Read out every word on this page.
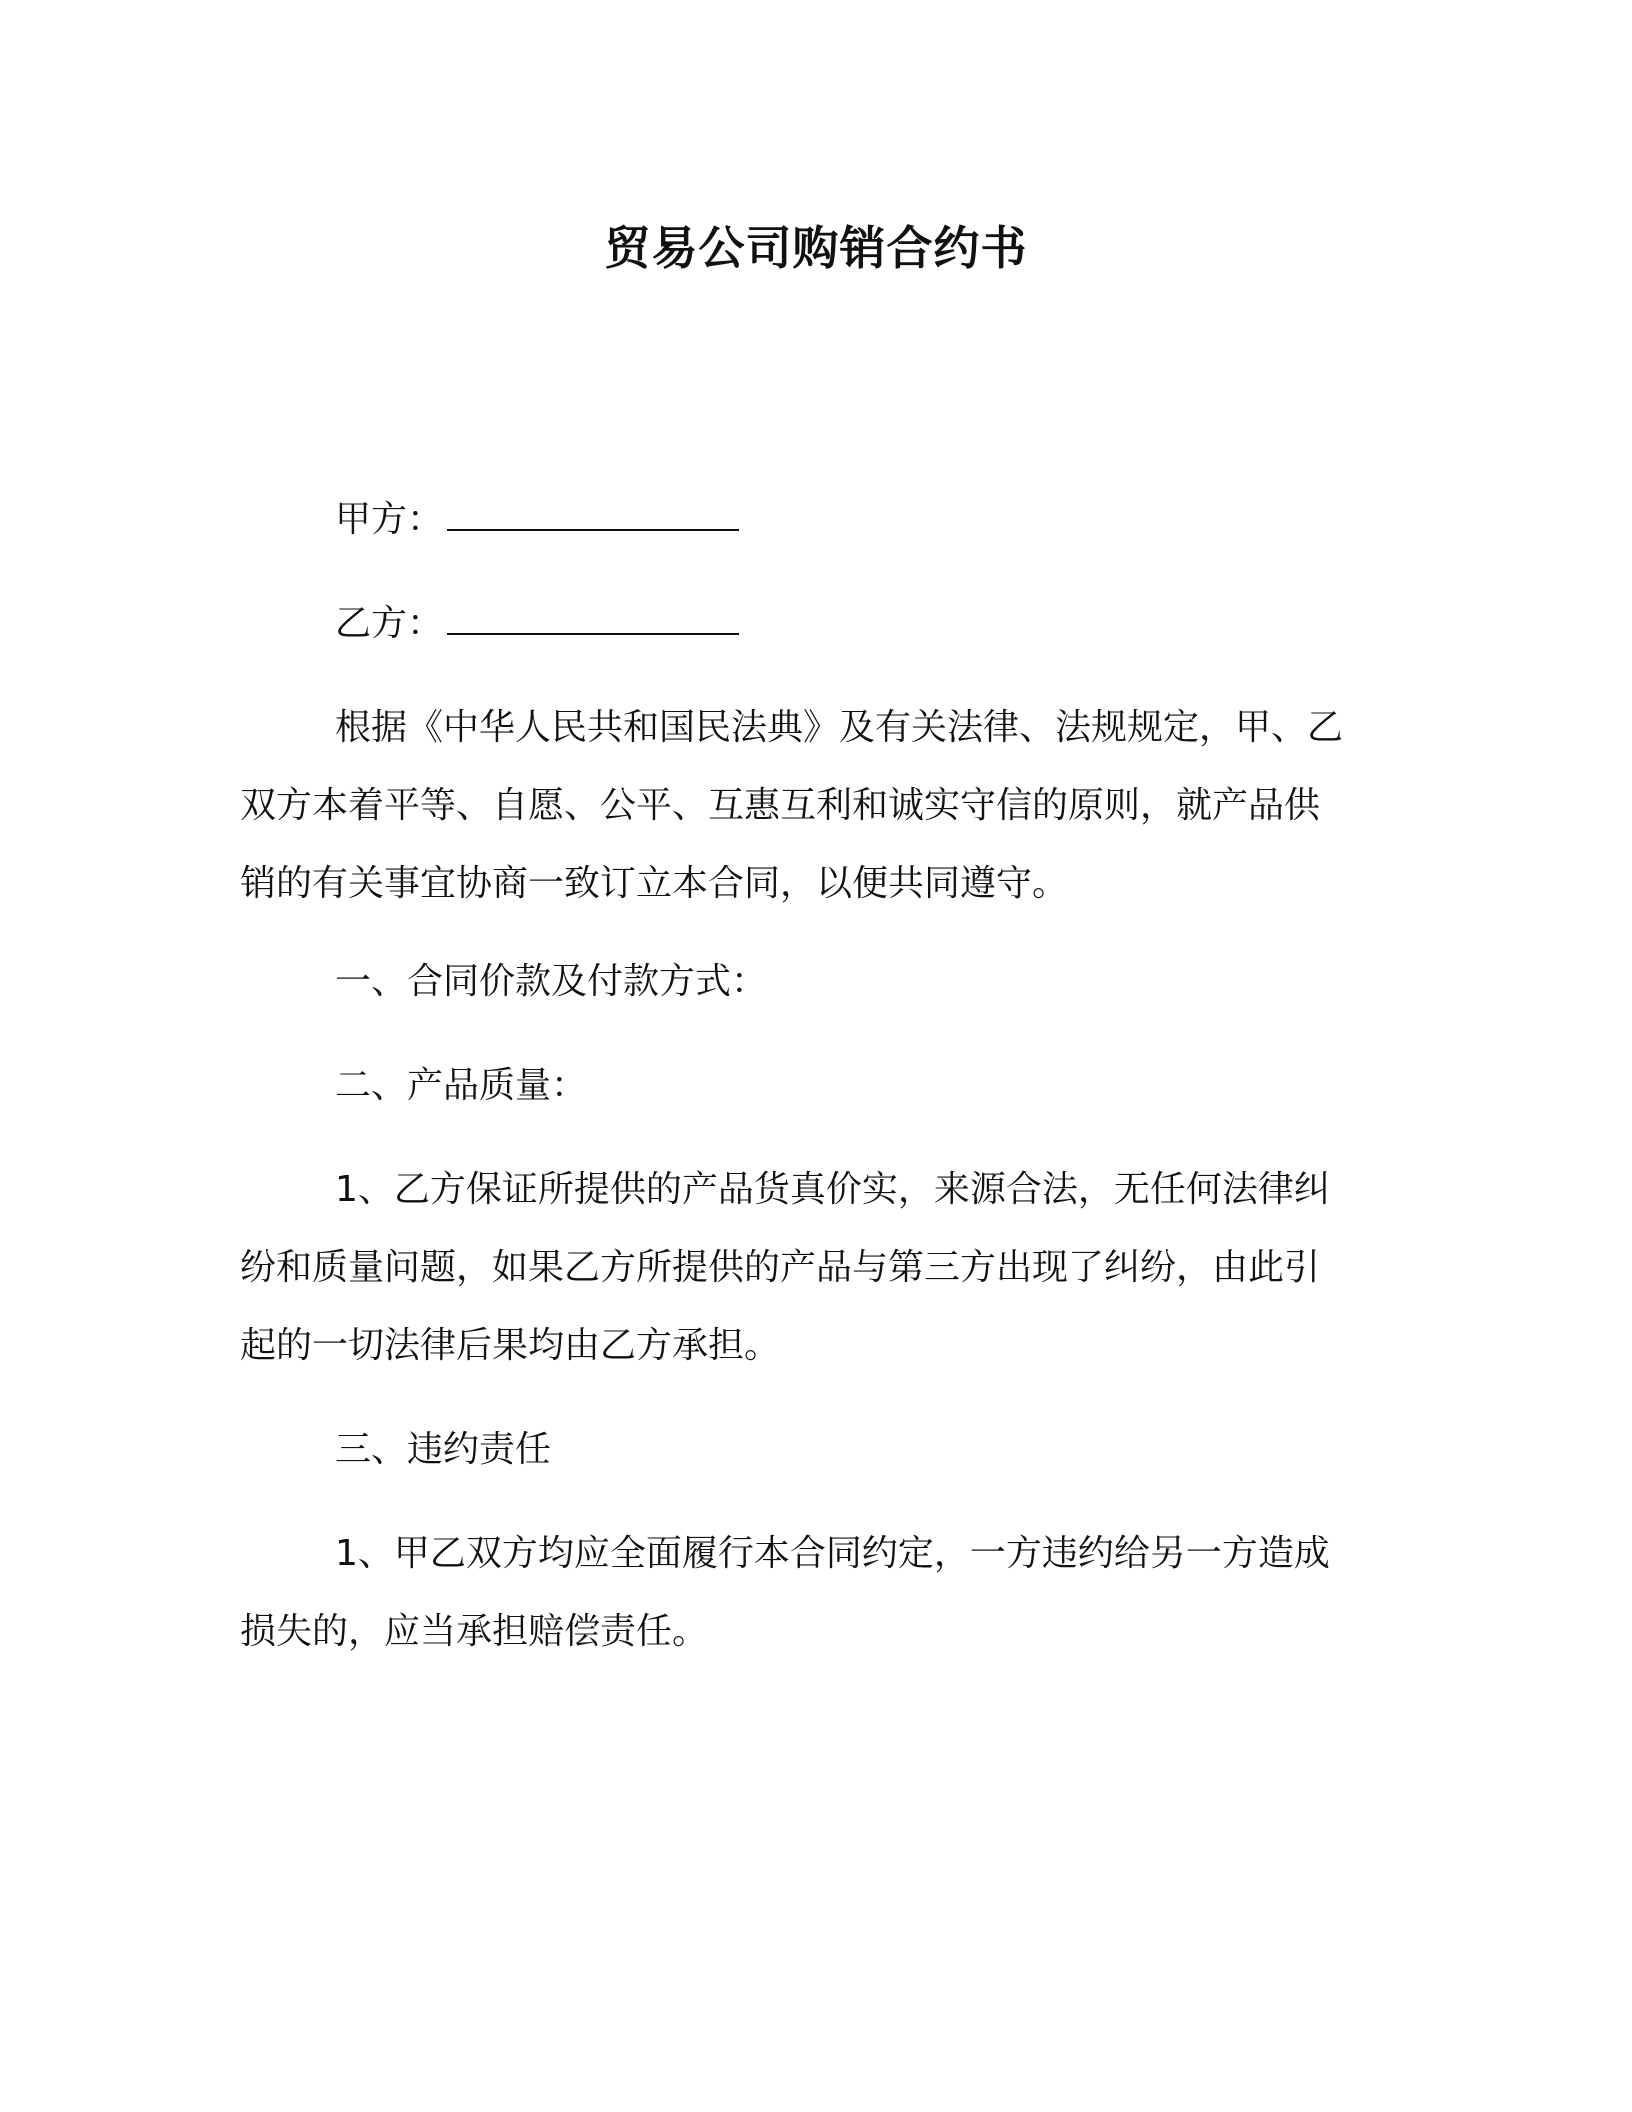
贸易公司购销合约书
甲方：
乙方：
根据《中华人民共和国民法典》及有关法律、法规规定，甲、乙
双方本着平等、自愿、公平、互惠互利和诚实守信的原则，就产品供
销的有关事宜协商一致订立本合同，以便共同遵守。
一、合同价款及付款方式：
二、产品质量：
1、乙方保证所提供的产品货真价实，来源合法，无任何法律纠
纷和质量问题，如果乙方所提供的产品与第三方出现了纠纷，由此引
起的一切法律后果均由乙方承担。
三、违约责任
1、甲乙双方均应全面履行本合同约定，一方违约给另一方造成
损失的，应当承担赔偿责任。
